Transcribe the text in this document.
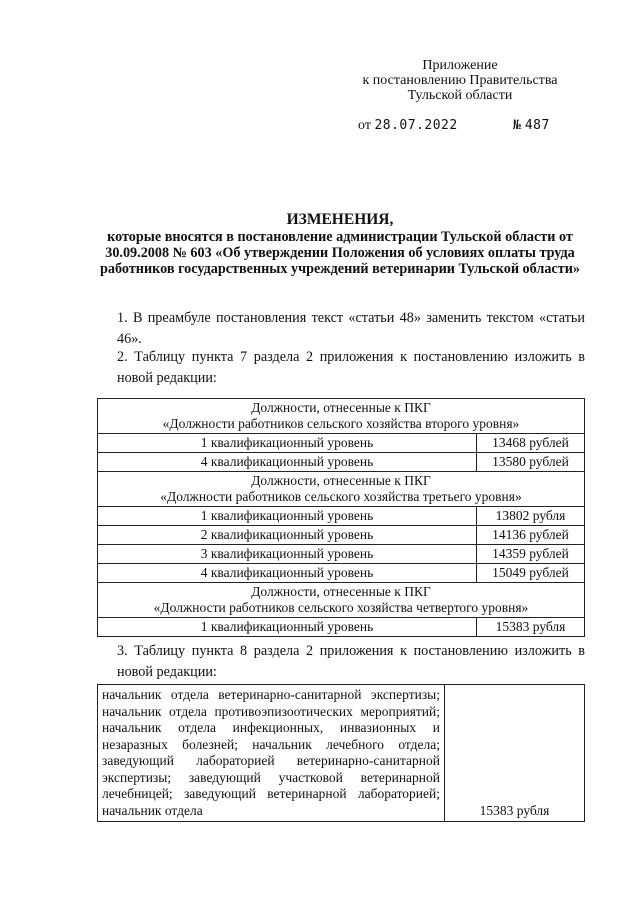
Приложение
к постановлению Правительства
Тульской области
от 28.07.2022	№ 487
ИЗМЕНЕНИЯ,
которые вносятся в постановление администрации Тульской области от 30.09.2008 № 603 «Об утверждении Положения об условиях оплаты труда работников государственных учреждений ветеринарии Тульской области»
1. В преамбуле постановления текст «статьи 48» заменить текстом «статьи 46».
2. Таблицу пункта 7 раздела 2 приложения к постановлению изложить в новой редакции:
Должности, отнесенные к ПКГ
«Должности работников сельского хозяйства второго уровня»	

1 квалификационный уровень	13468 рублей
4 квалификационный уровень	13580 рублей

Должности, отнесенные к ПКГ
«Должности работников сельского хозяйства третьего уровня»	

1 квалификационный уровень	13802 рубля
2 квалификационный уровень	14136 рублей
3 квалификационный уровень	14359 рублей
4 квалификационный уровень	15049 рублей

Должности, отнесенные к ПКГ
«Должности работников сельского хозяйства четвертого уровня»	

1 квалификационный уровень	15383 рубля
3. Таблицу пункта 8 раздела 2 приложения к постановлению изложить в новой редакции:
начальник отдела ветеринарно-санитарной экспертизы; начальник отдела противоэпизоотических мероприятий; начальник отдела инфекционных, инвазионных и незаразных болезней; начальник лечебного отдела; заведующий лабораторией ветеринарно-санитарной экспертизы; заведующий участковой ветеринарной лечебницей; заведующий ветеринарной лабораторией; начальник отдела	15383 рубля
